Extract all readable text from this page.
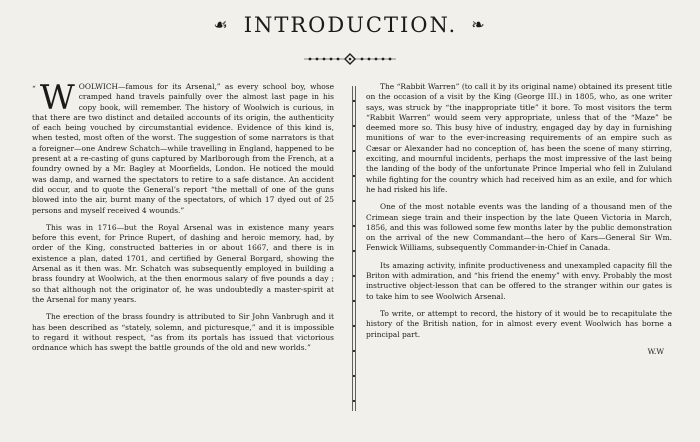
☙ INTRODUCTION. ❧

“ W OOLWICH—famous for its Arsenal,” as every school boy, whose cramped hand travels painfully over the almost last page in his copy book, will remember. The history of Woolwich is curious, in that there are two distinct and detailed accounts of its origin, the authenticity of each being vouched by circumstantial evidence. Evidence of this kind is, when tested, most often of the worst. The suggestion of some narrators is that a foreigner—one Andrew Schatch—while travelling in England, happened to be present at a re-casting of guns captured by Marlborough from the French, at a foundry owned by a Mr. Bagley at Moorfields, London. He noticed the mould was damp, and warned the spectators to retire to a safe distance. An accident did occur, and to quote the General’s report “the mettall of one of the guns blowed into the air, burnt many of the spectators, of which 17 dyed out of 25 persons and myself received 4 wounds.”

This was in 1716—but the Royal Arsenal was in existence many years before this event, for Prince Rupert, of dashing and heroic memory, had, by order of the King, constructed batteries in or about 1667, and there is in existence a plan, dated 1701, and certified by General Borgard, showing the Arsenal as it then was. Mr. Schatch was subsequently employed in building a brass foundry at Woolwich, at the then enormous salary of five pounds a day ; so that although not the originator of, he was undoubtedly a master-spirit at the Arsenal for many years.

The erection of the brass foundry is attributed to Sir John Vanbrugh and it has been described as “stately, solemn, and picturesque,” and it is impossible to regard it without respect, “as from its portals has issued that victorious ordnance which has swept the battle grounds of the old and new worlds.”

The “Rabbit Warren” (to call it by its original name) obtained its present title on the occasion of a visit by the King (George III.) in 1805, who, as one writer says, was struck by “the inappropriate title” it bore. To most visitors the term “Rabbit Warren” would seem very appropriate, unless that of the “Maze” be deemed more so. This busy hive of industry, engaged day by day in furnishing munitions of war to the ever-increasing requirements of an empire such as Cæsar or Alexander had no conception of, has been the scene of many stirring, exciting, and mournful incidents, perhaps the most impressive of the last being the landing of the body of the unfortunate Prince Imperial who fell in Zululand while fighting for the country which had received him as an exile, and for which he had risked his life.

One of the most notable events was the landing of a thousand men of the Crimean siege train and their inspection by the late Queen Victoria in March, 1856, and this was followed some few months later by the public demonstration on the arrival of the new Commandant—the hero of Kars—General Sir Wm. Fenwick Williams, subsequently Commander-in-Chief in Canada.

Its amazing activity, infinite productiveness and unexampled capacity fill the Briton with admiration, and “his friend the enemy” with envy. Probably the most instructive object-lesson that can be offered to the stranger within our gates is to take him to see Woolwich Arsenal.

To write, or attempt to record, the history of it would be to recapitulate the history of the British nation, for in almost every event Woolwich has borne a principal part.

W.W
